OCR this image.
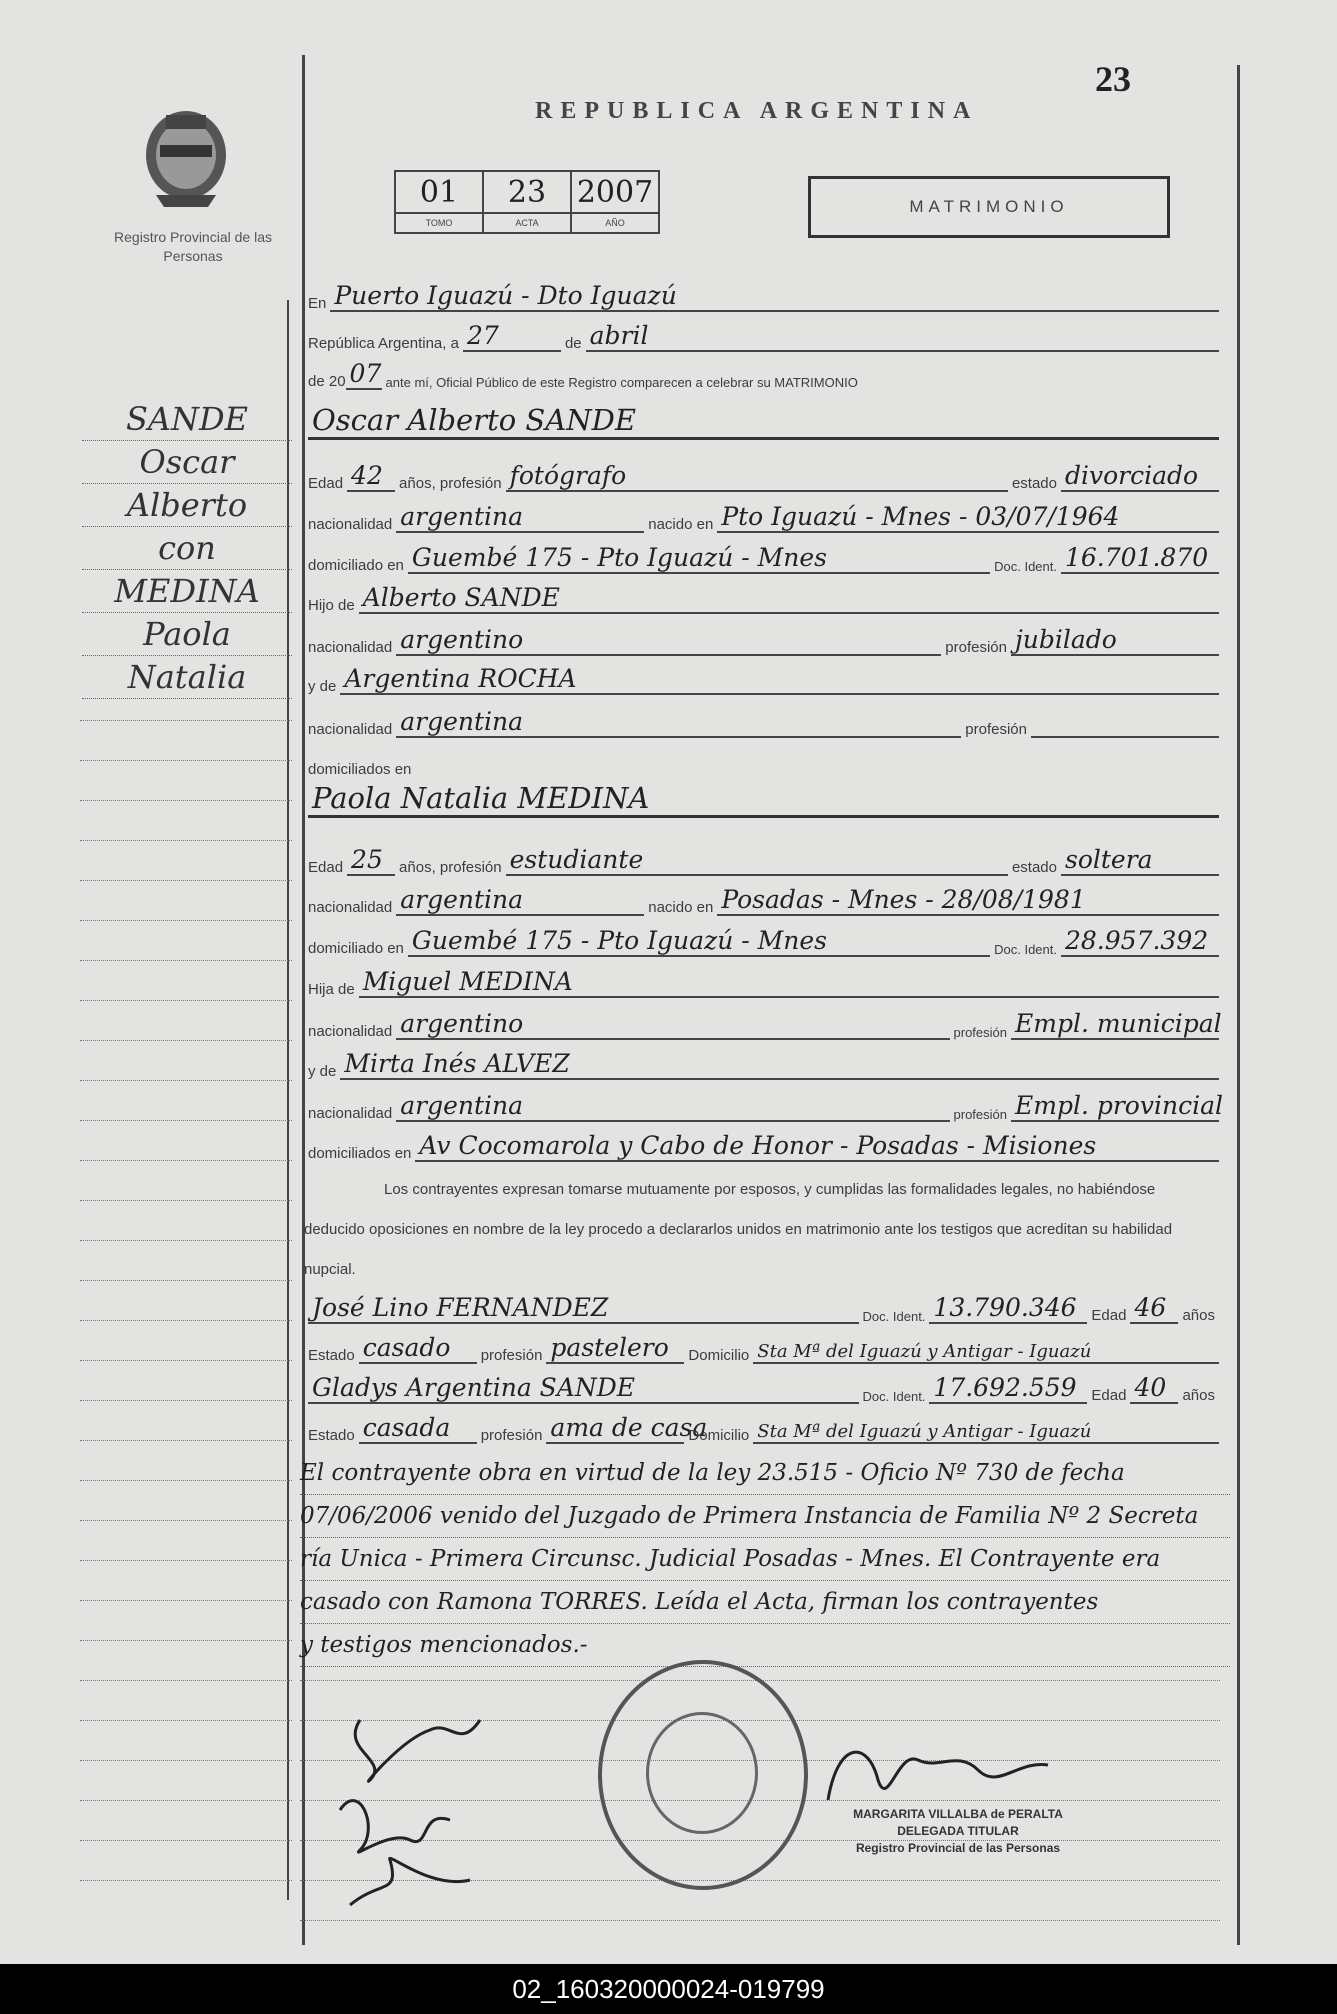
23
REPUBLICA ARGENTINA
Registro Provincial de las Personas
01	23	2007
TOMO	ACTA	AÑO
MATRIMONIO
SANDE
Oscar
Alberto
con
MEDINA
Paola
Natalia
En Puerto Iguazú - Dto Iguazú
República Argentina, a 27	de abril
de 20 07 ante mí, Oficial Público de este Registro comparecen a celebrar su MATRIMONIO
Oscar Alberto SANDE
Edad 42	años, profesión fotógrafo	estado divorciado
nacionalidad argentina	nacido en Pto Iguazú - Mnes - 03/07/1964
domiciliado en Guembé 175 - Pto Iguazú - Mnes	Doc. Ident. 16.701.870
Hijo de Alberto SANDE
nacionalidad argentino	profesión jubilado
y de Argentina ROCHA
nacionalidad argentina	profesión
domiciliados en
Paola Natalia MEDINA
Edad 25	años, profesión estudiante	estado soltera
nacionalidad argentina	nacido en Posadas - Mnes - 28/08/1981
domiciliado en Guembé 175 - Pto Iguazú - Mnes	Doc. Ident. 28.957.392
Hija de Miguel MEDINA
nacionalidad argentino	profesión Empl. municipal
y de Mirta Inés ALVEZ
nacionalidad argentina	profesión Empl. provincial
domiciliados en Av Cocomarola y Cabo de Honor - Posadas - Misiones
Los contrayentes expresan tomarse mutuamente por esposos, y cumplidas las formalidades legales, no habiéndose deducido oposiciones en nombre de la ley procedo a declararlos unidos en matrimonio ante los testigos que acreditan su habilidad nupcial.
José Lino FERNANDEZ	Doc. Ident. 13.790.346 Edad 46	años
Estado casado	profesión pastelero	Domicilio Sta Mª del Iguazú y Antigar - Iguazú
Gladys Argentina SANDE	Doc. Ident. 17.692.559 Edad 40	años
Estado casada	profesión ama de casa
Domicilio Sta Mª del Iguazú y Antigar - Iguazú
El contrayente obra en virtud de la ley 23.515 - Oficio Nº 730 de fecha
07/06/2006 venido del Juzgado de Primera Instancia de Familia Nº 2 Secreta
ría Unica - Primera Circunsc. Judicial Posadas - Mnes. El Contrayente era
casado con Ramona TORRES. Leída el Acta, firman los contrayentes
y testigos mencionados.-
MARGARITA VILLALBA de PERALTA
DELEGADA TITULAR
Registro Provincial de las Personas
02_160320000024-019799
